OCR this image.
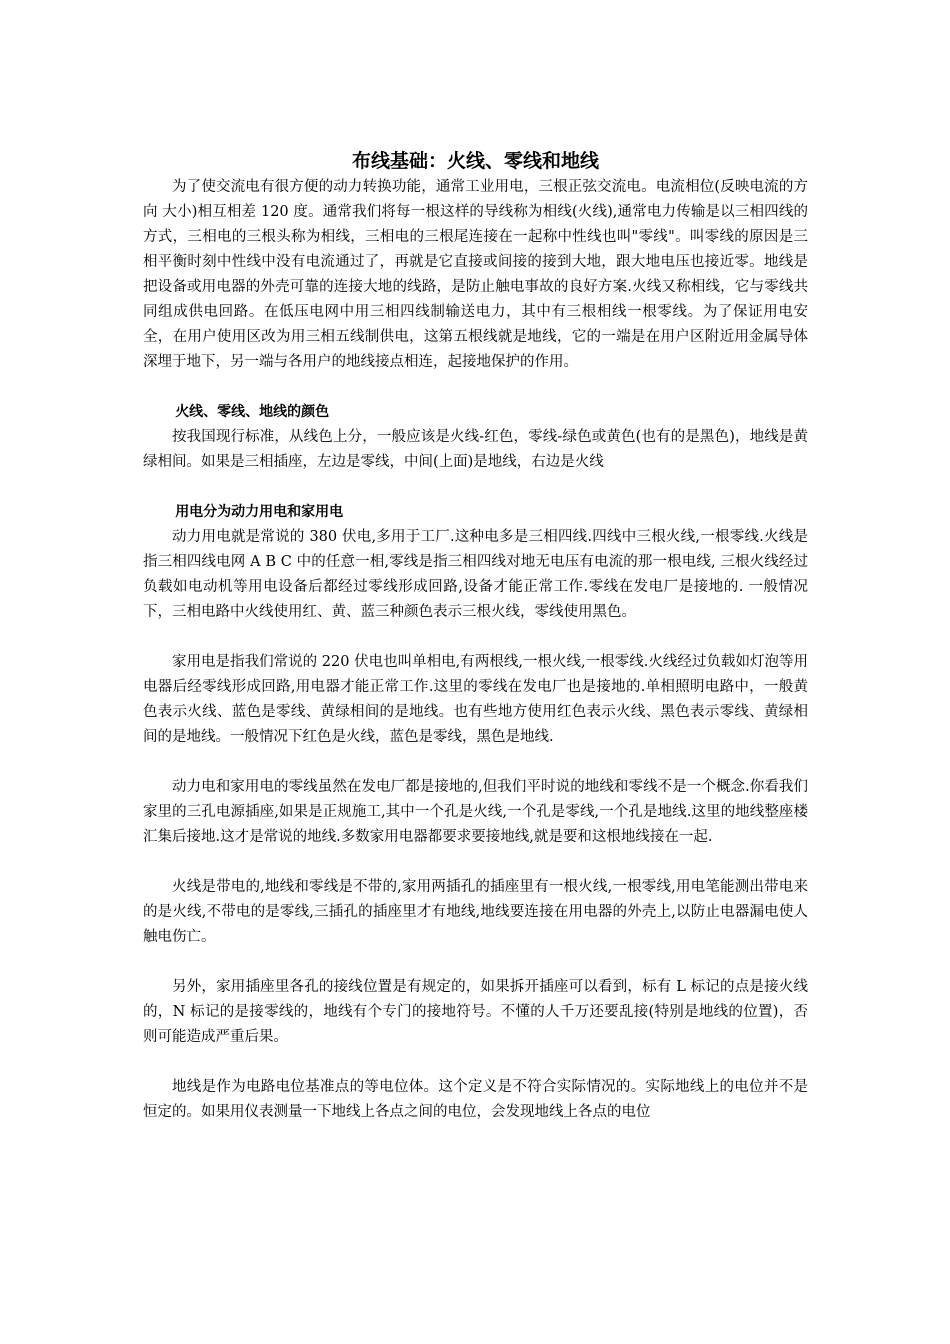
布线基础：火线、零线和地线

为了使交流电有很方便的动力转换功能，通常工业用电，三根正弦交流电。电流相位(反映电流的方向 大小)相互相差 120 度。通常我们将每一根这样的导线称为相线(火线),通常电力传输是以三相四线的方式，三相电的三根头称为相线，三相电的三根尾连接在一起称中性线也叫"零线"。叫零线的原因是三相平衡时刻中性线中没有电流通过了，再就是它直接或间接的接到大地，跟大地电压也接近零。地线是把设备或用电器的外壳可靠的连接大地的线路，是防止触电事故的良好方案.火线又称相线，它与零线共同组成供电回路。在低压电网中用三相四线制输送电力，其中有三根相线一根零线。为了保证用电安全，在用户使用区改为用三相五线制供电，这第五根线就是地线，它的一端是在用户区附近用金属导体深埋于地下，另一端与各用户的地线接点相连，起接地保护的作用。

火线、零线、地线的颜色

按我国现行标准，从线色上分，一般应该是火线-红色，零线-绿色或黄色(也有的是黑色)，地线是黄绿相间。如果是三相插座，左边是零线，中间(上面)是地线，右边是火线

用电分为动力用电和家用电

动力用电就是常说的 380 伏电,多用于工厂.这种电多是三相四线.四线中三根火线,一根零线.火线是指三相四线电网 A B C 中的任意一相,零线是指三相四线对地无电压有电流的那一根电线, 三根火线经过负载如电动机等用电设备后都经过零线形成回路,设备才能正常工作.零线在发电厂是接地的. 一般情况下，三相电路中火线使用红、黄、蓝三种颜色表示三根火线，零线使用黑色。

家用电是指我们常说的 220 伏电也叫单相电,有两根线,一根火线,一根零线.火线经过负载如灯泡等用电器后经零线形成回路,用电器才能正常工作.这里的零线在发电厂也是接地的.单相照明电路中，一般黄色表示火线、蓝色是零线、黄绿相间的是地线。也有些地方使用红色表示火线、黑色表示零线、黄绿相间的是地线。一般情况下红色是火线，蓝色是零线，黑色是地线.

动力电和家用电的零线虽然在发电厂都是接地的,但我们平时说的地线和零线不是一个概念.你看我们家里的三孔电源插座,如果是正规施工,其中一个孔是火线,一个孔是零线,一个孔是地线.这里的地线整座楼汇集后接地.这才是常说的地线.多数家用电器都要求要接地线,就是要和这根地线接在一起.

火线是带电的,地线和零线是不带的,家用两插孔的插座里有一根火线,一根零线,用电笔能测出带电来的是火线,不带电的是零线,三插孔的插座里才有地线,地线要连接在用电器的外壳上,以防止电器漏电使人触电伤亡。

另外，家用插座里各孔的接线位置是有规定的，如果拆开插座可以看到，标有 L 标记的点是接火线的，N 标记的是接零线的，地线有个专门的接地符号。不懂的人千万还要乱接(特别是地线的位置)，否则可能造成严重后果。

地线是作为电路电位基准点的等电位体。这个定义是不符合实际情况的。实际地线上的电位并不是恒定的。如果用仪表测量一下地线上各点之间的电位，会发现地线上各点的电位
